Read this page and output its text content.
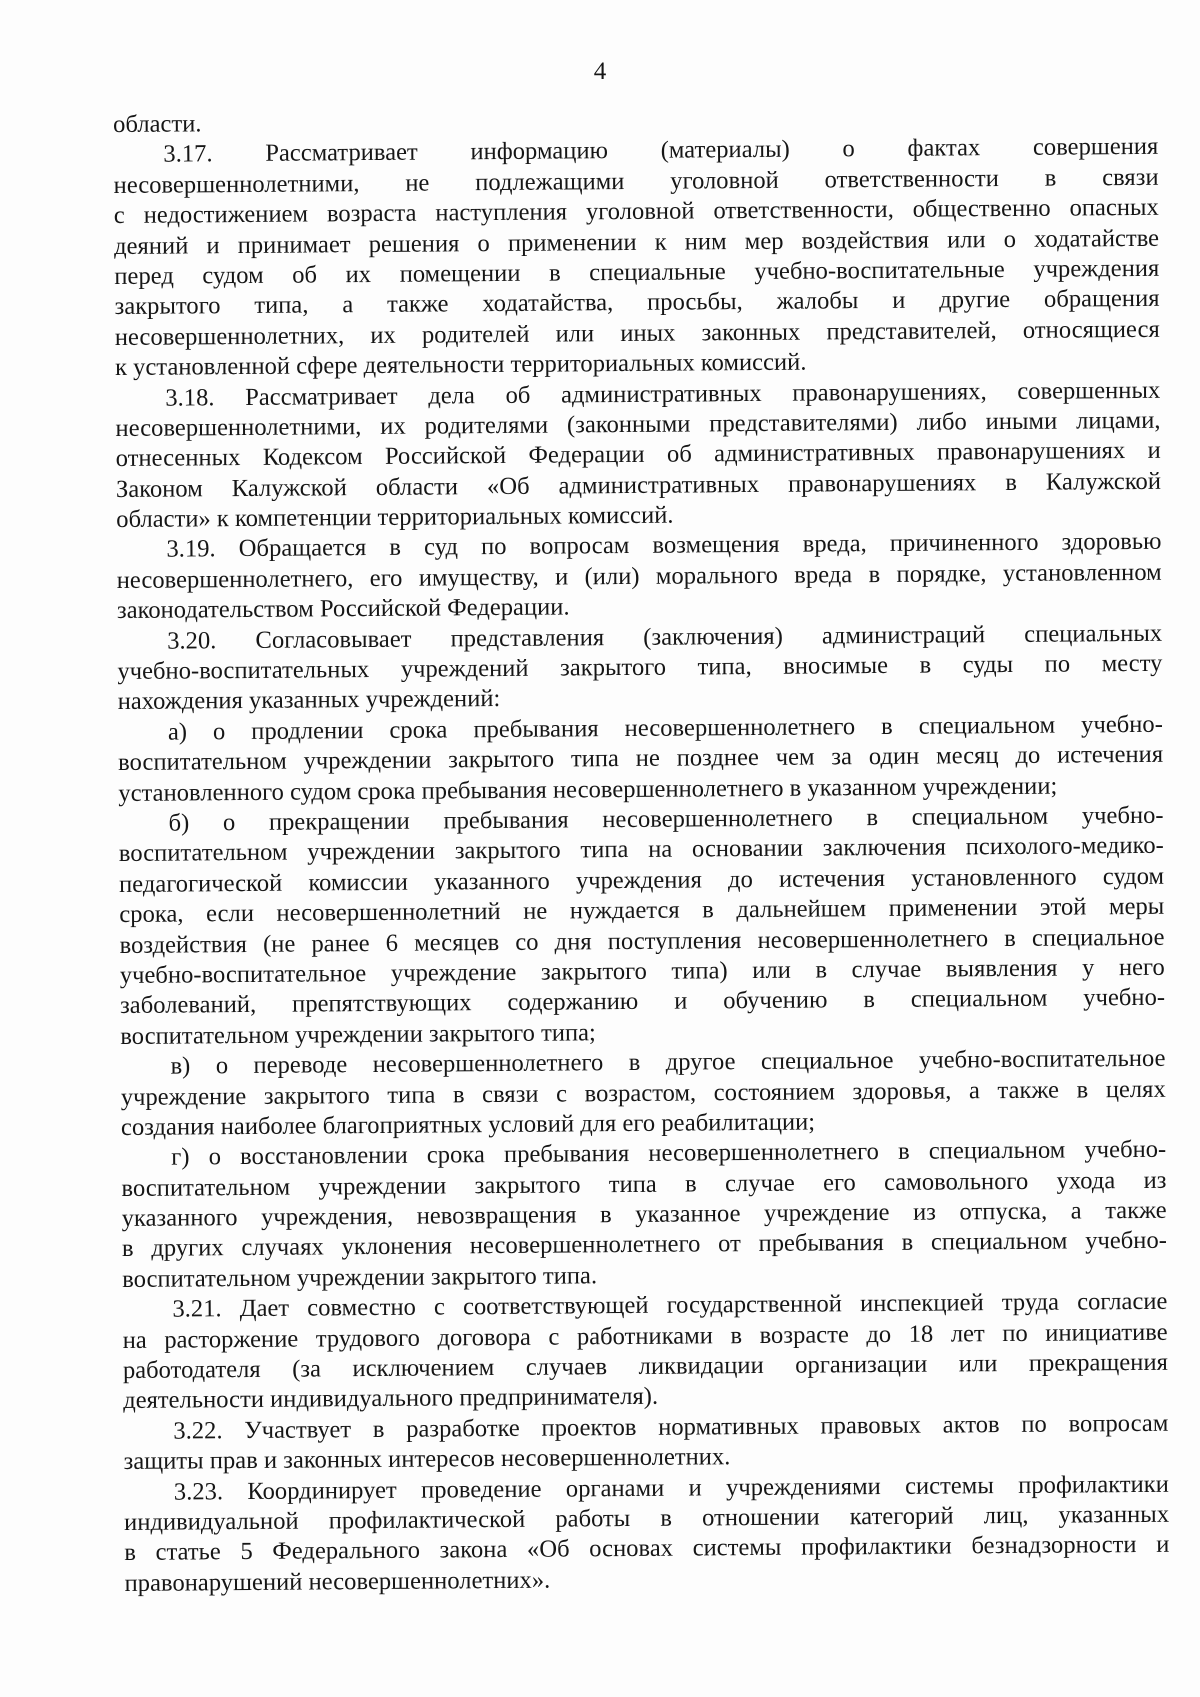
4
области.
3.17. Рассматривает информацию (материалы) о фактах совершения
несовершеннолетними, не подлежащими уголовной ответственности в связи
с недостижением возраста наступления уголовной ответственности, общественно опасных
деяний и принимает решения о применении к ним мер воздействия или о ходатайстве
перед судом об их помещении в специальные учебно-воспитательные учреждения
закрытого типа, а также ходатайства, просьбы, жалобы и другие обращения
несовершеннолетних, их родителей или иных законных представителей, относящиеся
к установленной сфере деятельности территориальных комиссий.
3.18. Рассматривает дела об административных правонарушениях, совершенных
несовершеннолетними, их родителями (законными представителями) либо иными лицами,
отнесенных Кодексом Российской Федерации об административных правонарушениях и
Законом Калужской области «Об административных правонарушениях в Калужской
области» к компетенции территориальных комиссий.
3.19. Обращается в суд по вопросам возмещения вреда, причиненного здоровью
несовершеннолетнего, его имуществу, и (или) морального вреда в порядке, установленном
законодательством Российской Федерации.
3.20. Согласовывает представления (заключения) администраций специальных
учебно-воспитательных учреждений закрытого типа, вносимые в суды по месту
нахождения указанных учреждений:
а) о продлении срока пребывания несовершеннолетнего в специальном учебно-
воспитательном учреждении закрытого типа не позднее чем за один месяц до истечения
установленного судом срока пребывания несовершеннолетнего в указанном учреждении;
б) о прекращении пребывания несовершеннолетнего в специальном учебно-
воспитательном учреждении закрытого типа на основании заключения психолого-медико-
педагогической комиссии указанного учреждения до истечения установленного судом
срока, если несовершеннолетний не нуждается в дальнейшем применении этой меры
воздействия (не ранее 6 месяцев со дня поступления несовершеннолетнего в специальное
учебно-воспитательное учреждение закрытого типа) или в случае выявления у него
заболеваний, препятствующих содержанию и обучению в специальном учебно-
воспитательном учреждении закрытого типа;
в) о переводе несовершеннолетнего в другое специальное учебно-воспитательное
учреждение закрытого типа в связи с возрастом, состоянием здоровья, а также в целях
создания наиболее благоприятных условий для его реабилитации;
г) о восстановлении срока пребывания несовершеннолетнего в специальном учебно-
воспитательном учреждении закрытого типа в случае его самовольного ухода из
указанного учреждения, невозвращения в указанное учреждение из отпуска, а также
в других случаях уклонения несовершеннолетнего от пребывания в специальном учебно-
воспитательном учреждении закрытого типа.
3.21. Дает совместно с соответствующей государственной инспекцией труда согласие
на расторжение трудового договора с работниками в возрасте до 18 лет по инициативе
работодателя (за исключением случаев ликвидации организации или прекращения
деятельности индивидуального предпринимателя).
3.22. Участвует в разработке проектов нормативных правовых актов по вопросам
защиты прав и законных интересов несовершеннолетних.
3.23. Координирует проведение органами и учреждениями системы профилактики
индивидуальной профилактической работы в отношении категорий лиц, указанных
в статье 5 Федерального закона «Об основах системы профилактики безнадзорности и
правонарушений несовершеннолетних».
